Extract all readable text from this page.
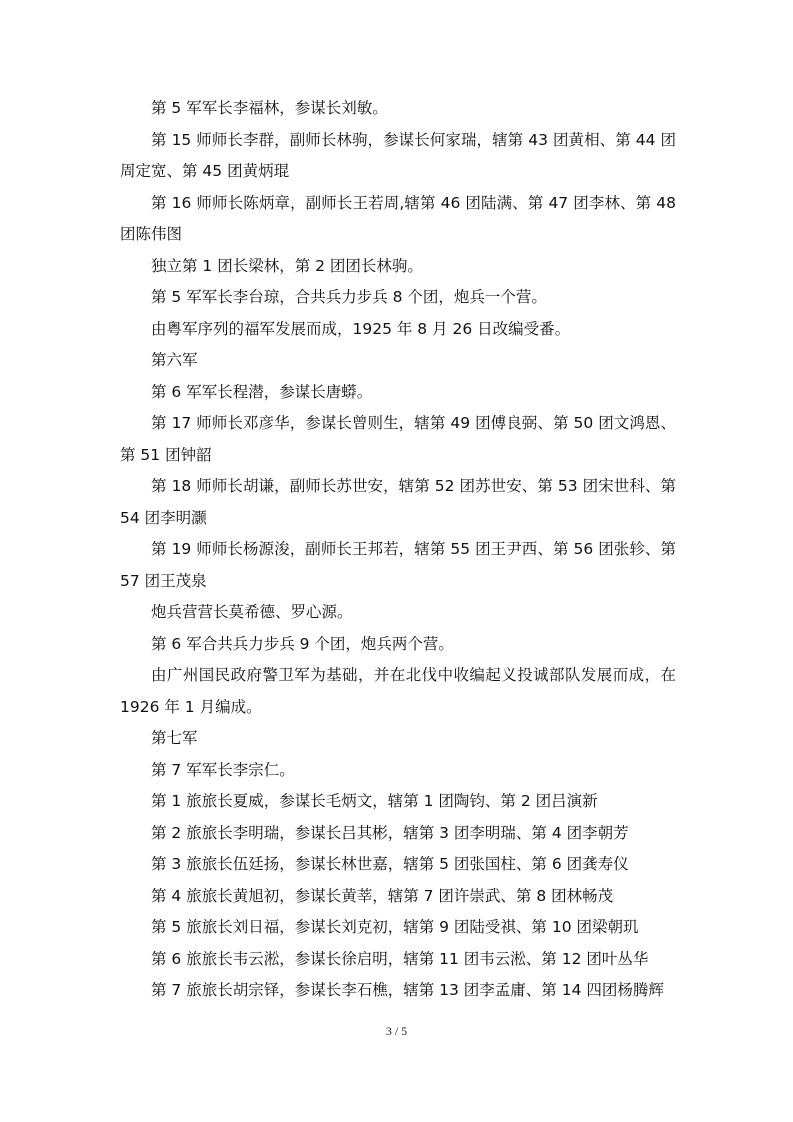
第 5 军军长李福林，参谋长刘敏。

第 15 师师长李群，副师长林驹，参谋长何家瑞，辖第 43 团黄相、第 44 团周定宽、第 45 团黄炳琨

第 16 师师长陈炳章，副师长王若周,辖第 46 团陆满、第 47 团李林、第 48 团陈伟图

独立第 1 团长梁林，第 2 团团长林驹。

第 5 军军长李台琼，合共兵力步兵 8 个团，炮兵一个营。

由粤军序列的福军发展而成，1925 年 8 月 26 日改编受番。

第六军

第 6 军军长程潜，参谋长唐蟒。

第 17 师师长邓彦华，参谋长曾则生，辖第 49 团傅良弼、第 50 团文鸿恩、第 51 团钟韶

第 18 师师长胡谦，副师长苏世安，辖第 52 团苏世安、第 53 团宋世科、第 54 团李明灏

第 19 师师长杨源浚，副师长王邦若，辖第 55 团王尹西、第 56 团张轸、第 57 团王茂泉

炮兵营营长莫希德、罗心源。

第 6 军合共兵力步兵 9 个团，炮兵两个营。

由广州国民政府警卫军为基础，并在北伐中收编起义投诚部队发展而成，在 1926 年 1 月编成。

第七军

第 7 军军长李宗仁。

第 1 旅旅长夏威，参谋长毛炳文，辖第 1 团陶钧、第 2 团吕演新

第 2 旅旅长李明瑞，参谋长吕其彬，辖第 3 团李明瑞、第 4 团李朝芳

第 3 旅旅长伍廷扬，参谋长林世嘉，辖第 5 团张国柱、第 6 团龚寿仪

第 4 旅旅长黄旭初，参谋长黄莘，辖第 7 团许崇武、第 8 团林畅茂

第 5 旅旅长刘日福，参谋长刘克初，辖第 9 团陆受祺、第 10 团梁朝玑

第 6 旅旅长韦云淞，参谋长徐启明，辖第 11 团韦云淞、第 12 团叶丛华

第 7 旅旅长胡宗铎，参谋长李石樵，辖第 13 团李孟庸、第 14 四团杨腾辉

3 / 5
